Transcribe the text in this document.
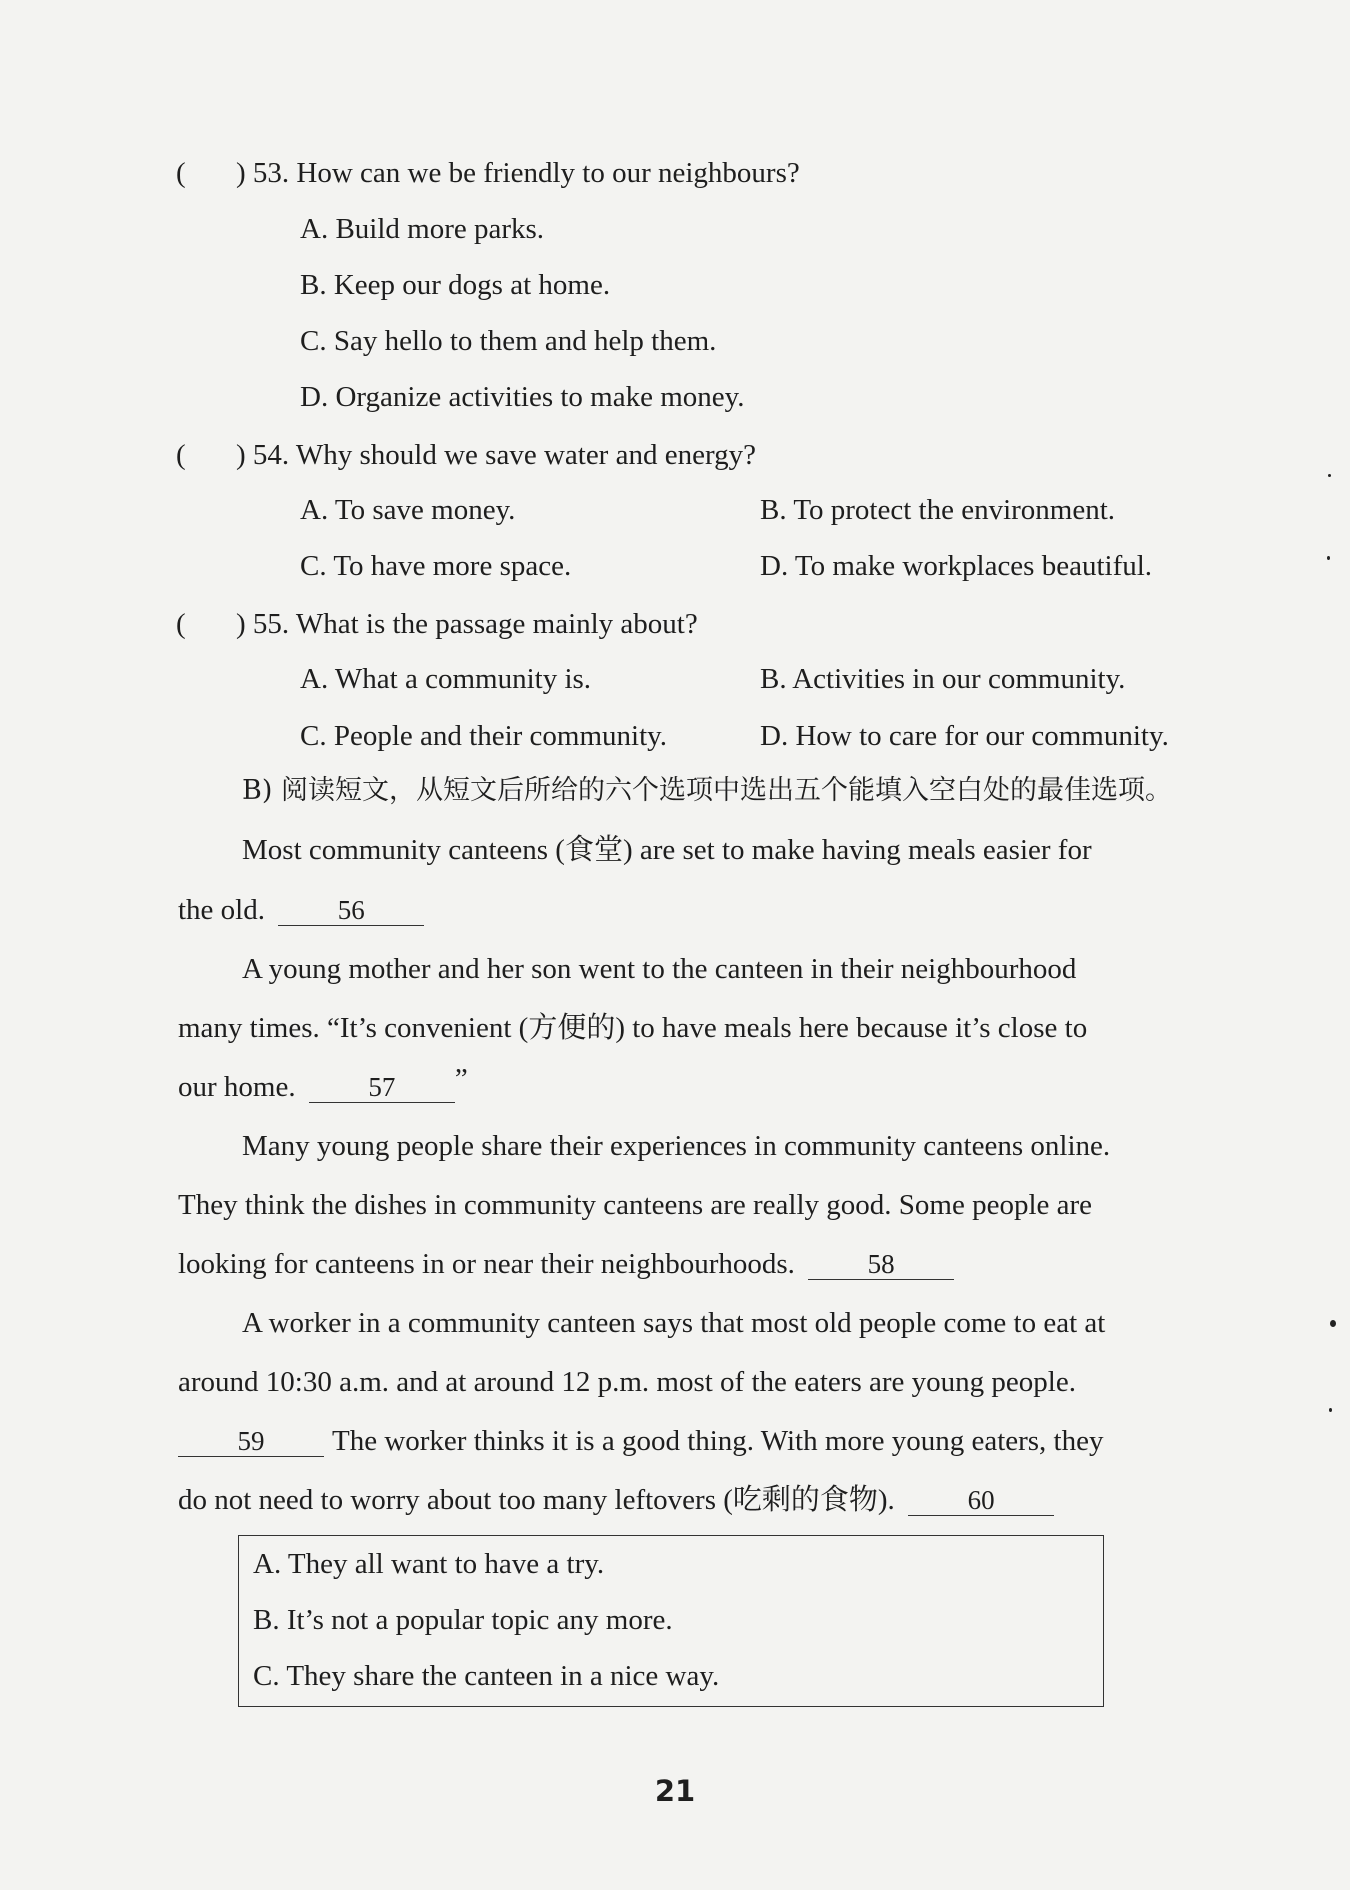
( ) 53. How can we be friendly to our neighbours?
A. Build more parks.
B. Keep our dogs at home.
C. Say hello to them and help them.
D. Organize activities to make money.
( ) 54. Why should we save water and energy?
A. To save money.	B. To protect the environment.
C. To have more space.	D. To make workplaces beautiful.
( ) 55. What is the passage mainly about?
A. What a community is.	B. Activities in our community.
C. People and their community.	D. How to care for our community.
B) 阅读短文，从短文后所给的六个选项中选出五个能填入空白处的最佳选项。
Most community canteens (食堂) are set to make having meals easier for
the old.	56
A young mother and her son went to the canteen in their neighbourhood
many times. “It’s convenient (方便的) to have meals here because it’s close to
our home.	57 ”
Many young people share their experiences in community canteens online.
They think the dishes in community canteens are really good. Some people are
looking for canteens in or near their neighbourhoods.	58
A worker in a community canteen says that most old people come to eat at
around 10:30 a.m. and at around 12 p.m. most of the eaters are young people.
59 The worker thinks it is a good thing. With more young eaters, they
do not need to worry about too many leftovers (吃剩的食物).	60
A. They all want to have a try.
B. It’s not a popular topic any more.
C. They share the canteen in a nice way.
21
